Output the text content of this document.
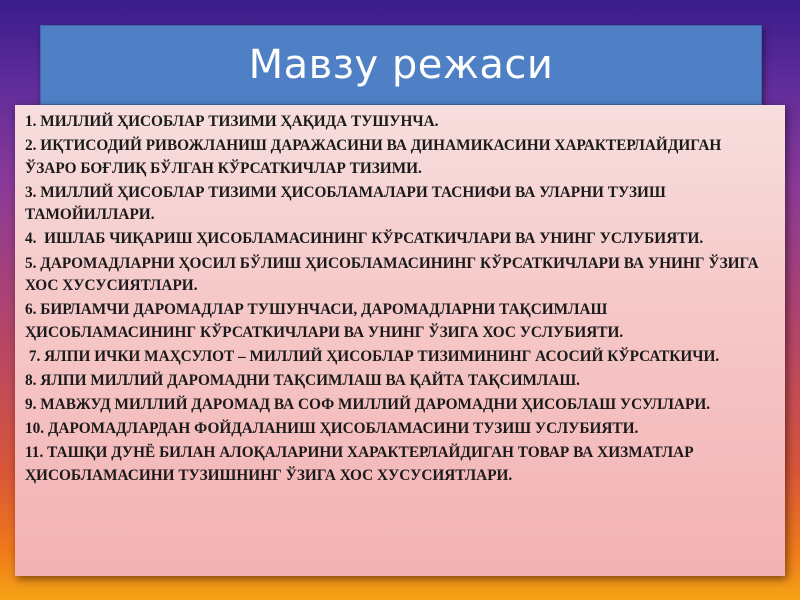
Мавзу режаси
1. МИЛЛИЙ ҲИСОБЛАР ТИЗИМИ ҲАҚИДА ТУШУНЧА.
2. ИҚТИСОДИЙ РИВОЖЛАНИШ ДАРАЖАСИНИ ВА ДИНАМИКАСИНИ ХАРАКТЕРЛАЙДИГАН ЎЗАРО БОҒЛИҚ БЎЛГАН КЎРСАТКИЧЛАР ТИЗИМИ.
3. МИЛЛИЙ ҲИСОБЛАР ТИЗИМИ ҲИСОБЛАМАЛАРИ ТАСНИФИ ВА УЛАРНИ ТУЗИШ ТАМОЙИЛЛАРИ.
4.  ИШЛАБ ЧИҚАРИШ ҲИСОБЛАМАСИНИНГ КЎРСАТКИЧЛАРИ ВА УНИНГ УСЛУБИЯТИ.
5. ДАРОМАДЛАРНИ ҲОСИЛ БЎЛИШ ҲИСОБЛАМАСИНИНГ КЎРСАТКИЧЛАРИ ВА УНИНГ ЎЗИГА ХОС ХУСУСИЯТЛАРИ.
6. БИРЛАМЧИ ДАРОМАДЛАР ТУШУНЧАСИ, ДАРОМАДЛАРНИ ТАҚСИМЛАШ ҲИСОБЛАМАСИНИНГ КЎРСАТКИЧЛАРИ ВА УНИНГ ЎЗИГА ХОС УСЛУБИЯТИ.
7. ЯЛПИ ИЧКИ МАҲСУЛОТ – МИЛЛИЙ ҲИСОБЛАР ТИЗИМИНИНГ АСОСИЙ КЎРСАТКИЧИ.
8. ЯЛПИ МИЛЛИЙ ДАРОМАДНИ ТАҚСИМЛАШ ВА ҚАЙТА ТАҚСИМЛАШ.
9. МАВЖУД МИЛЛИЙ ДАРОМАД ВА СОФ МИЛЛИЙ ДАРОМАДНИ ҲИСОБЛАШ УСУЛЛАРИ.
10. ДАРОМАДЛАРДАН ФОЙДАЛАНИШ ҲИСОБЛАМАСИНИ ТУЗИШ УСЛУБИЯТИ.
11. ТАШҚИ ДУНЁ БИЛАН АЛОҚАЛАРИНИ ХАРАКТЕРЛАЙДИГАН ТОВАР ВА ХИЗМАТЛАР ҲИСОБЛАМАСИНИ ТУЗИШНИНГ ЎЗИГА ХОС ХУСУСИЯТЛАРИ.
